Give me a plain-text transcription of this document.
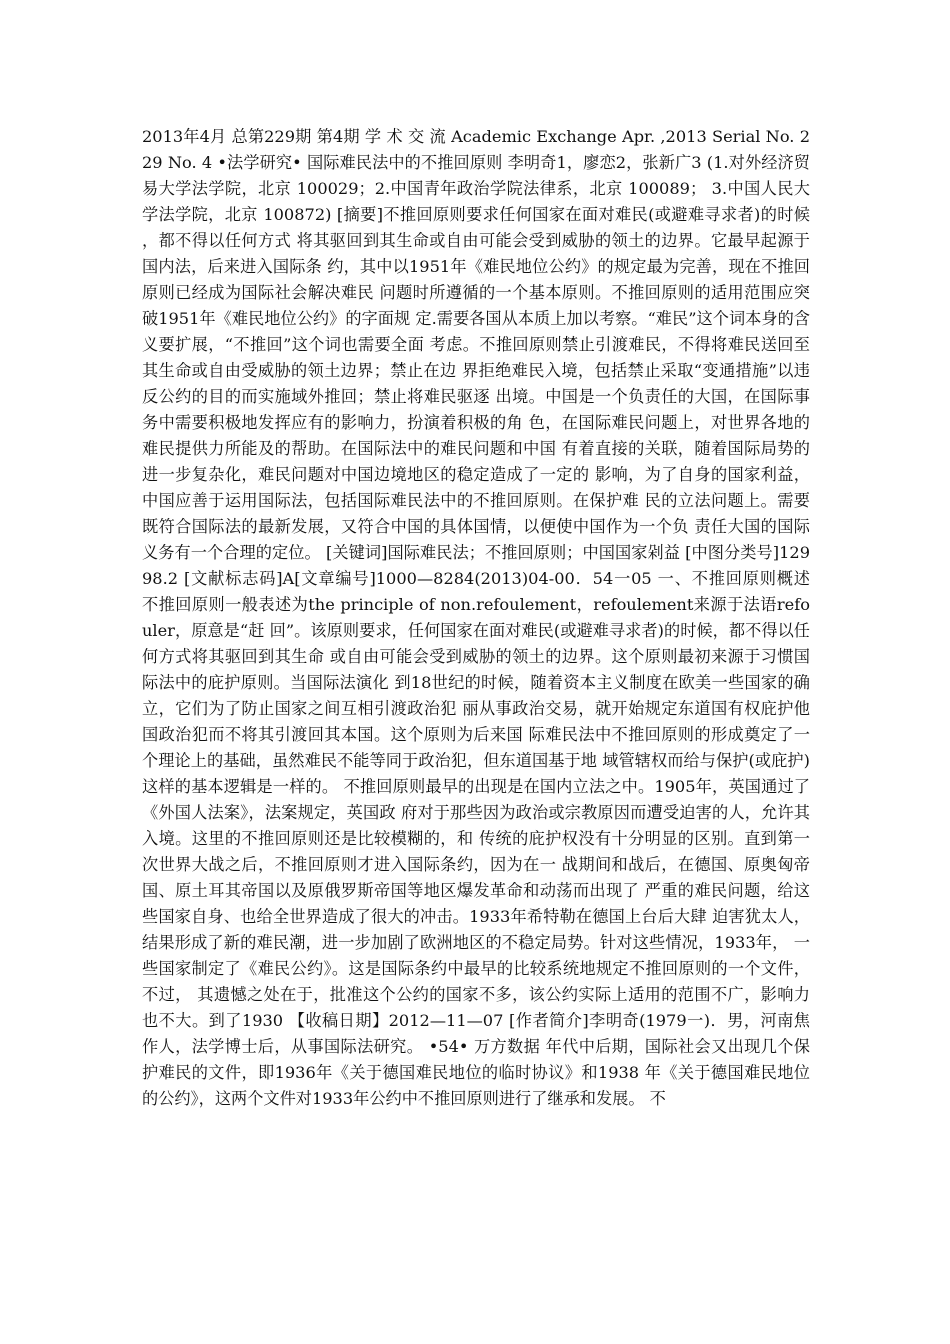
2013年4月 总第229期 第4期 学 术 交 流 Academic Exchange Apr. ,2013 Serial No. 229 No. 4 •法学研究• 国际难民法中的不推回原则 李明奇1，廖恋2，张新广3 (1.对外经济贸易大学法学院，北京 100029；2.中国青年政治学院法律系，北京 100089； 3.中国人民大学法学院，北京 100872) [摘要]不推回原则要求任何国家在面对难民(或避难寻求者)的时候，都不得以任何方式 将其驱回到其生命或自由可能会受到威胁的领土的边界。它最早起源于国内法，后来进入国际条 约，其中以1951年《难民地位公约》的规定最为完善，现在不推回原则已经成为国际社会解决难民 问题时所遵循的一个基本原则。不推回原则的适用范围应突破1951年《难民地位公约》的字面规 定.需要各国从本质上加以考察。“难民”这个词本身的含义要扩展，“不推回”这个词也需要全面 考虑。不推回原则禁止引渡难民，不得将难民送回至其生命或自由受威胁的领土边界；禁止在边 界拒绝难民入境，包括禁止采取“变通措施”以违反公约的目的而实施域外推回；禁止将难民驱逐 出境。中国是一个负责任的大国，在国际事务中需要积极地发挥应有的影响力，扮演着积极的角 色，在国际难民问题上，对世界各地的难民提供力所能及的帮助。在国际法中的难民问题和中国 有着直接的关联，随着国际局势的进一步复杂化，难民问题对中国边境地区的稳定造成了一定的 影响，为了自身的国家利益，中国应善于运用国际法，包括国际难民法中的不推回原则。在保护难 民的立法问题上。需要既符合国际法的最新发展，又符合中国的具体国情，以便使中国作为一个负 责任大国的国际义务有一个合理的定位。 [关键词]国际难民法；不推回原则；中国国家剁益 [中图分类号]12998.2 [文献标志码]A[文章编号]1000—8284(2013)04-00．54一05 一、不推回原则概述 不推回原则一般表述为the principle of non.refoulement，refoulement来源于法语refouler，原意是“赶 回”。该原则要求，任何国家在面对难民(或避难寻求者)的时候，都不得以任何方式将其驱回到其生命 或自由可能会受到威胁的领土的边界。这个原则最初来源于习惯国际法中的庇护原则。当国际法演化 到18世纪的时候，随着资本主义制度在欧美一些国家的确立，它们为了防止国家之间互相引渡政治犯 丽从事政治交易，就开始规定东道国有权庇护他国政治犯而不将其引渡回其本国。这个原则为后来国 际难民法中不推回原则的形成奠定了一个理论上的基础，虽然难民不能等同于政治犯，但东道国基于地 域管辖权而给与保护(或庇护)这样的基本逻辑是一样的。 不推回原则最早的出现是在国内立法之中。1905年，英国通过了《外国人法案》，法案规定，英国政 府对于那些因为政治或宗教原因而遭受迫害的人，允许其入境。这里的不推回原则还是比较模糊的，和 传统的庇护权没有十分明显的区别。直到第一次世界大战之后，不推回原则才进入国际条约，因为在一 战期间和战后，在德国、原奥匈帝国、原土耳其帝国以及原俄罗斯帝国等地区爆发革命和动荡而出现了 严重的难民问题，给这些国家自身、也给全世界造成了很大的冲击。1933年希特勒在德国上台后大肆 迫害犹太人，结果形成了新的难民潮，进一步加剧了欧洲地区的不稳定局势。针对这些情况，1933年， 一些国家制定了《难民公约》。这是国际条约中最早的比较系统地规定不推回原则的一个文件，不过， 其遗憾之处在于，批准这个公约的国家不多，该公约实际上适用的范围不广，影响力也不大。到了1930 【收稿日期】2012—11—07 [作者简介]李明奇(1979一)．男，河南焦作人，法学博士后，从事国际法研究。 •54• 万方数据 年代中后期，国际社会又出现几个保护难民的文件，即1936年《关于德国难民地位的临时协议》和1938 年《关于德国难民地位的公约》，这两个文件对1933年公约中不推回原则进行了继承和发展。 不
